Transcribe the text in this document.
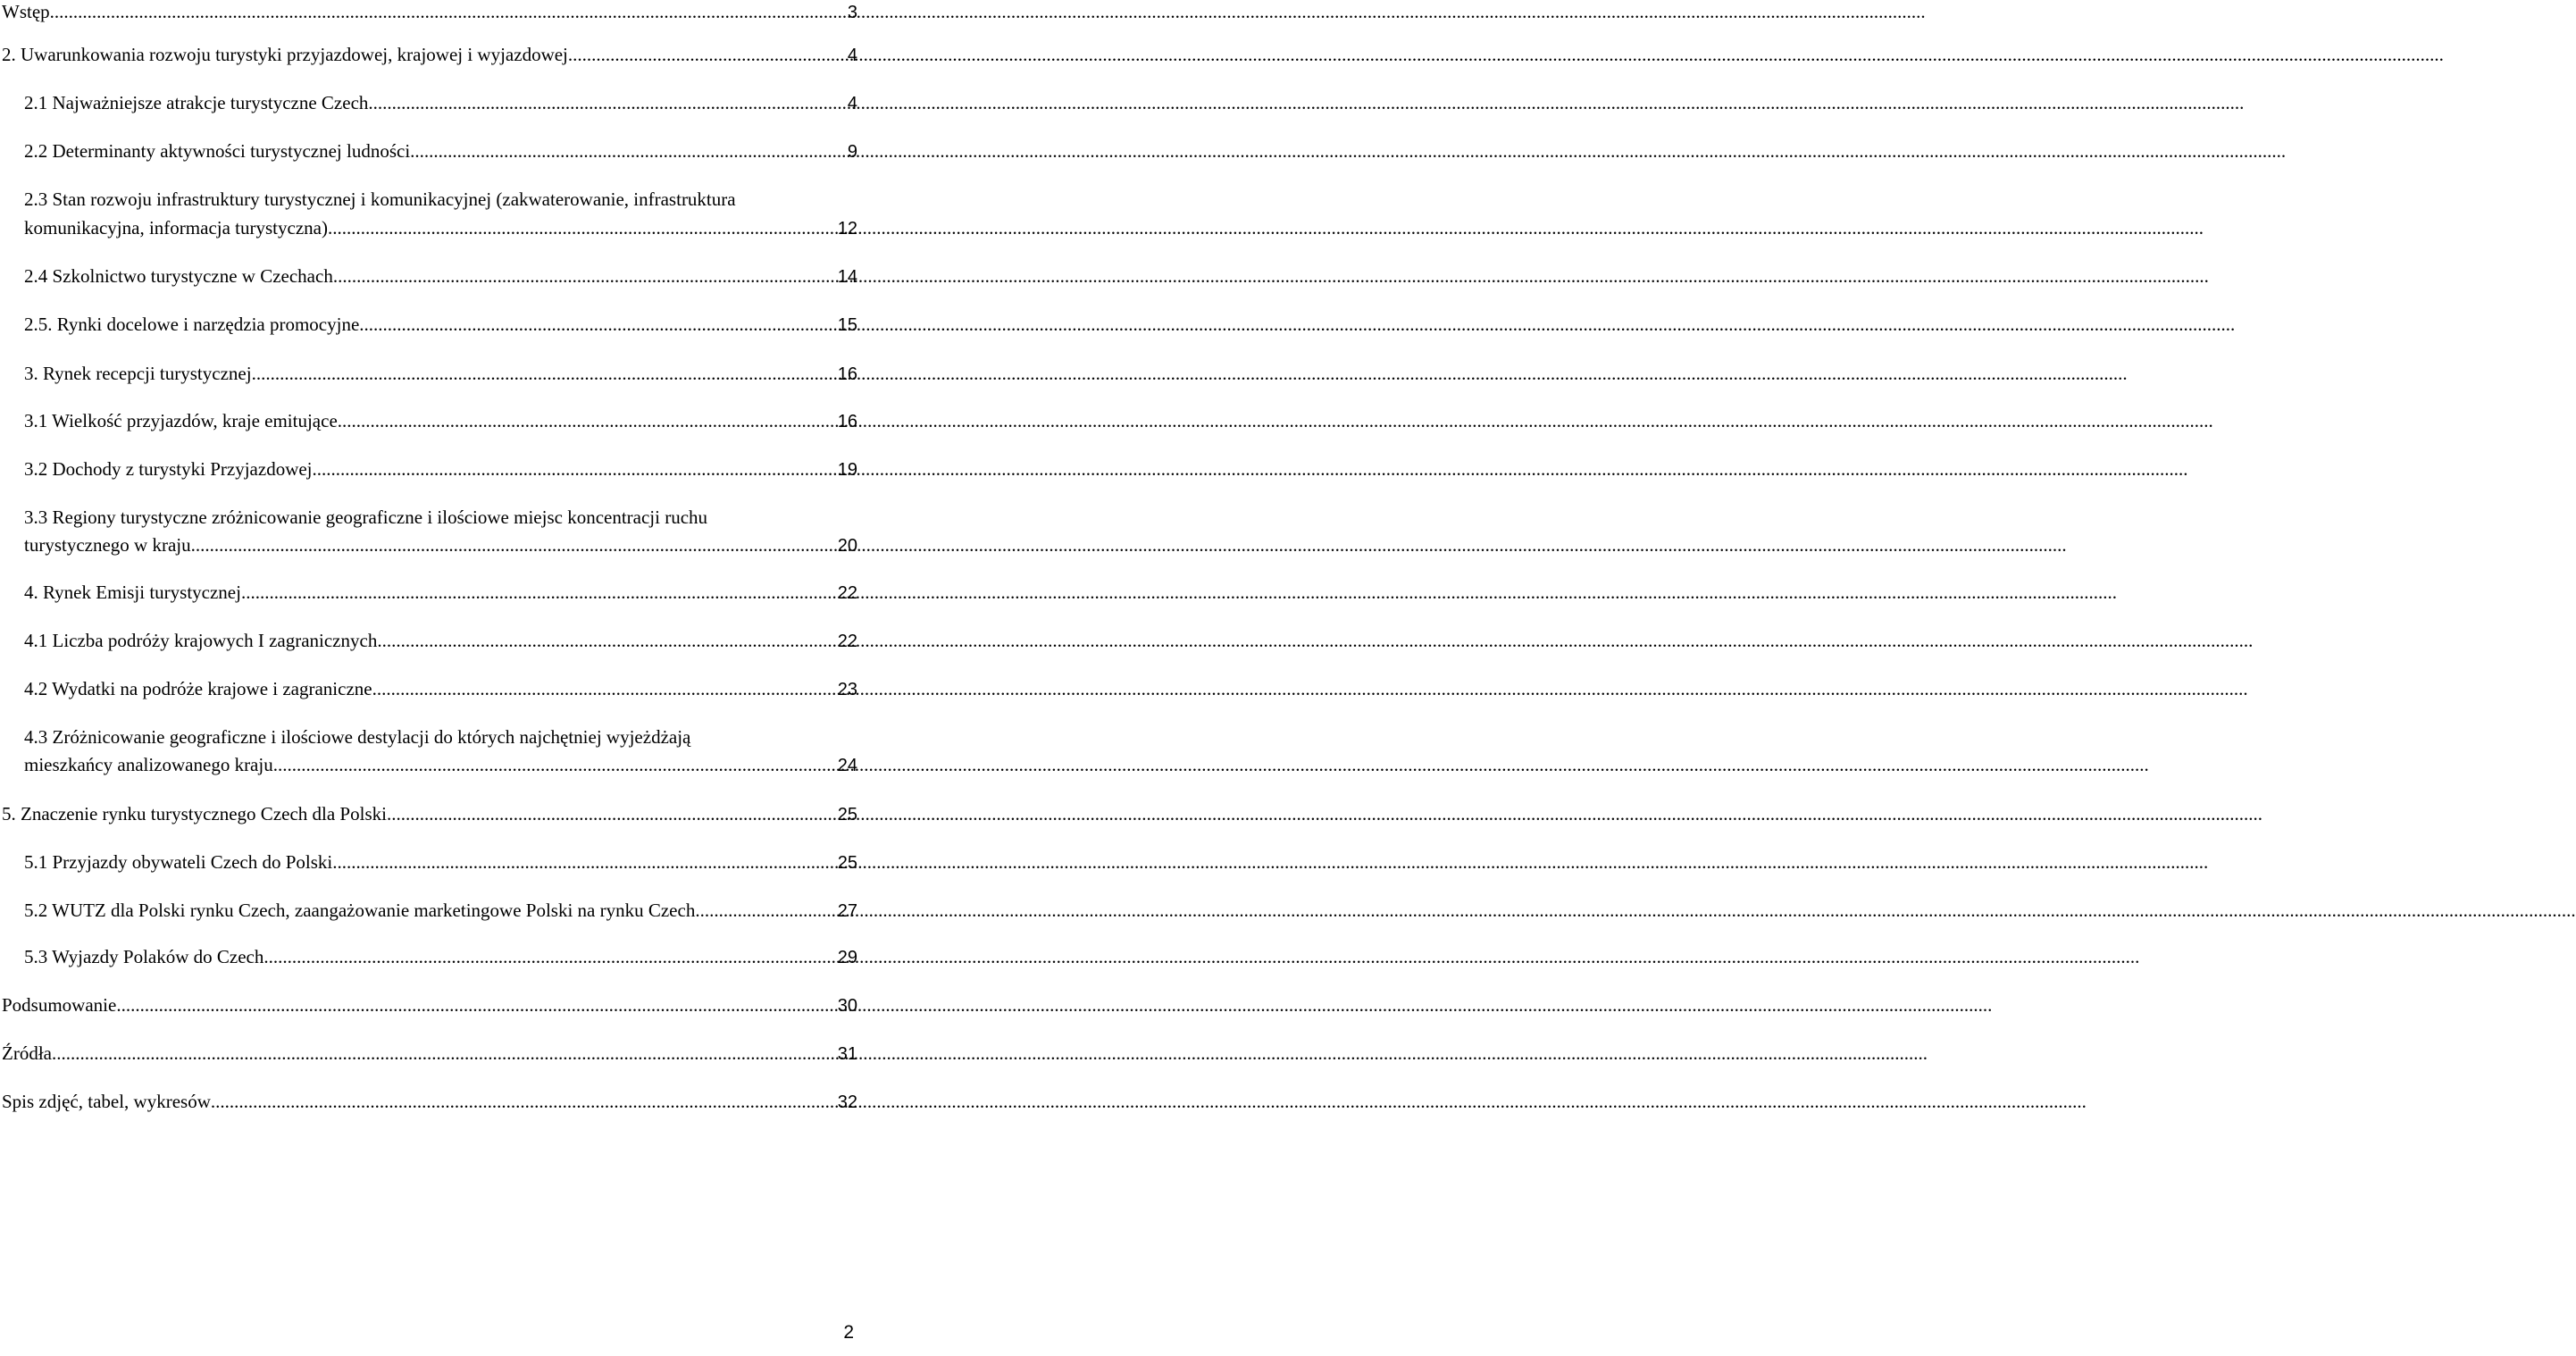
Wstęp .....	3
2. Uwarunkowania rozwoju turystyki przyjazdowej, krajowej i wyjazdowej .....	4
2.1 Najważniejsze atrakcje turystyczne Czech .....	4
2.2 Determinanty aktywności turystycznej ludności .....	9
2.3 Stan rozwoju infrastruktury turystycznej i komunikacyjnej (zakwaterowanie, infrastruktura
komunikacyjna, informacja turystyczna) .....	12
2.4 Szkolnictwo turystyczne w Czechach .....	14
2.5. Rynki docelowe i narzędzia promocyjne .....	15
3. Rynek recepcji turystycznej .....	16
3.1 Wielkość przyjazdów, kraje emitujące .....	16
3.2 Dochody z turystyki Przyjazdowej .....	19
3.3 Regiony turystyczne zróżnicowanie geograficzne i ilościowe miejsc koncentracji ruchu
turystycznego w kraju .....	20
4. Rynek Emisji turystycznej .....	22
4.1 Liczba podróży krajowych I zagranicznych .....	22
4.2 Wydatki na podróże krajowe i zagraniczne .....	23
4.3 Zróżnicowanie geograficzne i ilościowe destylacji do których najchętniej wyjeżdżają
mieszkańcy analizowanego kraju .....	24
5. Znaczenie rynku turystycznego Czech dla Polski .....	25
5.1 Przyjazdy obywateli Czech do Polski .....	25
5.2 WUTZ dla Polski rynku Czech, zaangażowanie marketingowe Polski na rynku Czech. .....	27
5.3 Wyjazdy Polaków do Czech .....	29
Podsumowanie .....	30
Źródła .....	31
Spis zdjęć, tabel, wykresów .....	32
2
